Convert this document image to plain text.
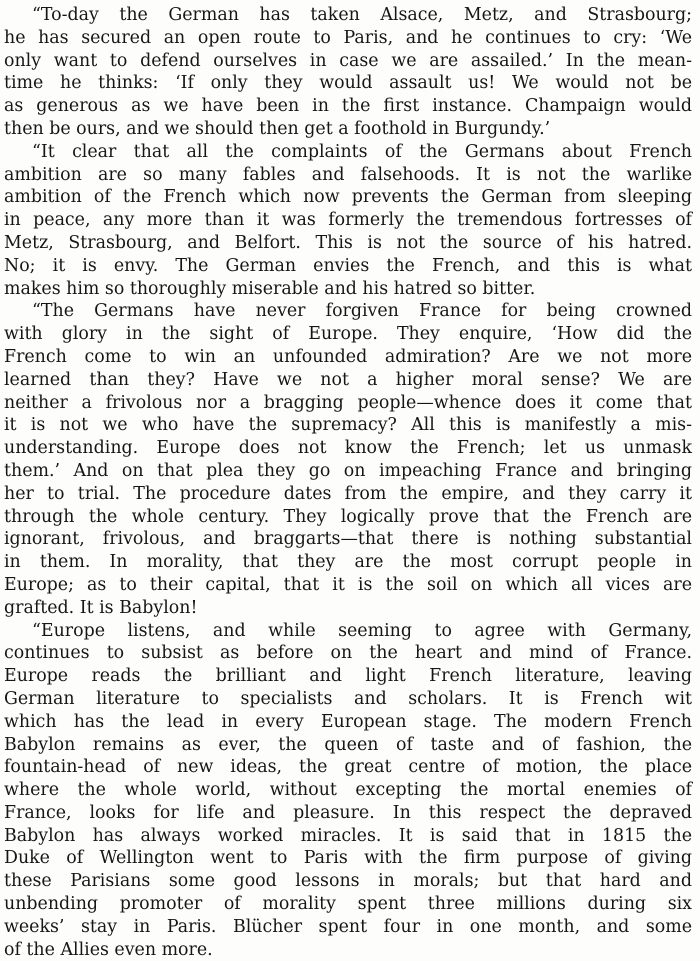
“To-day the German has taken Alsace, Metz, and Strasbourg;
he has secured an open route to Paris, and he continues to cry: ‘We
only want to defend ourselves in case we are assailed.’ In the mean-
time he thinks: ‘If only they would assault us! We would not be
as generous as we have been in the first instance. Champaign would
then be ours, and we should then get a foothold in Burgundy.’
“It clear that all the complaints of the Germans about French
ambition are so many fables and falsehoods. It is not the warlike
ambition of the French which now prevents the German from sleeping
in peace, any more than it was formerly the tremendous fortresses of
Metz, Strasbourg, and Belfort. This is not the source of his hatred.
No; it is envy. The German envies the French, and this is what
makes him so thoroughly miserable and his hatred so bitter.
“The Germans have never forgiven France for being crowned
with glory in the sight of Europe. They enquire, ‘How did the
French come to win an unfounded admiration? Are we not more
learned than they? Have we not a higher moral sense? We are
neither a frivolous nor a bragging people—whence does it come that
it is not we who have the supremacy? All this is manifestly a mis-
understanding. Europe does not know the French; let us unmask
them.’ And on that plea they go on impeaching France and bringing
her to trial. The procedure dates from the empire, and they carry it
through the whole century. They logically prove that the French are
ignorant, frivolous, and braggarts—that there is nothing substantial
in them. In morality, that they are the most corrupt people in
Europe; as to their capital, that it is the soil on which all vices are
grafted. It is Babylon!
“Europe listens, and while seeming to agree with Germany,
continues to subsist as before on the heart and mind of France.
Europe reads the brilliant and light French literature, leaving
German literature to specialists and scholars. It is French wit
which has the lead in every European stage. The modern French
Babylon remains as ever, the queen of taste and of fashion, the
fountain-head of new ideas, the great centre of motion, the place
where the whole world, without excepting the mortal enemies of
France, looks for life and pleasure. In this respect the depraved
Babylon has always worked miracles. It is said that in 1815 the
Duke of Wellington went to Paris with the firm purpose of giving
these Parisians some good lessons in morals; but that hard and
unbending promoter of morality spent three millions during six
weeks’ stay in Paris. Blücher spent four in one month, and some
of the Allies even more.
